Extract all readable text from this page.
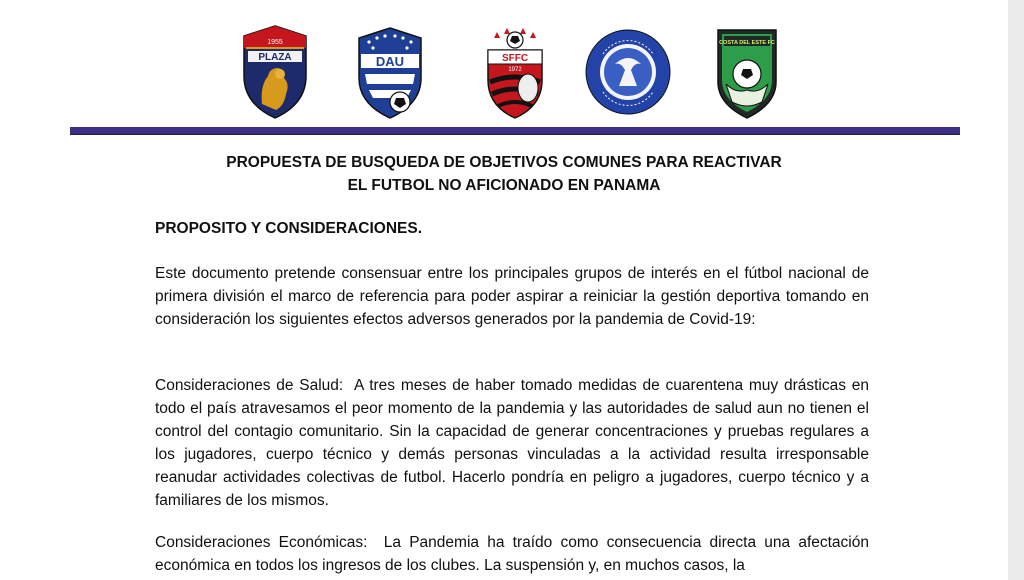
1955
PLAZA	DAU	SFFC
1972
COSTA DEL ESTE FC
PROPUESTA DE BUSQUEDA DE OBJETIVOS COMUNES PARA REACTIVAR
EL FUTBOL NO AFICIONADO EN PANAMA
PROPOSITO Y CONSIDERACIONES.
Este documento pretende consensuar entre los principales grupos de interés en el fútbol nacional de primera división el marco de referencia para poder aspirar a reiniciar la gestión deportiva tomando en consideración los siguientes efectos adversos generados por la pandemia de Covid-19:
Consideraciones de Salud: A tres meses de haber tomado medidas de cuarentena muy drásticas en todo el país atravesamos el peor momento de la pandemia y las autoridades de salud aun no tienen el control del contagio comunitario. Sin la capacidad de generar concentraciones y pruebas regulares a los jugadores, cuerpo técnico y demás personas vinculadas a la actividad resulta irresponsable reanudar actividades colectivas de futbol. Hacerlo pondría en peligro a jugadores, cuerpo técnico y a familiares de los mismos.
Consideraciones Económicas: La Pandemia ha traído como consecuencia directa una afectación económica en todos los ingresos de los clubes. La suspensión y, en muchos casos, la
